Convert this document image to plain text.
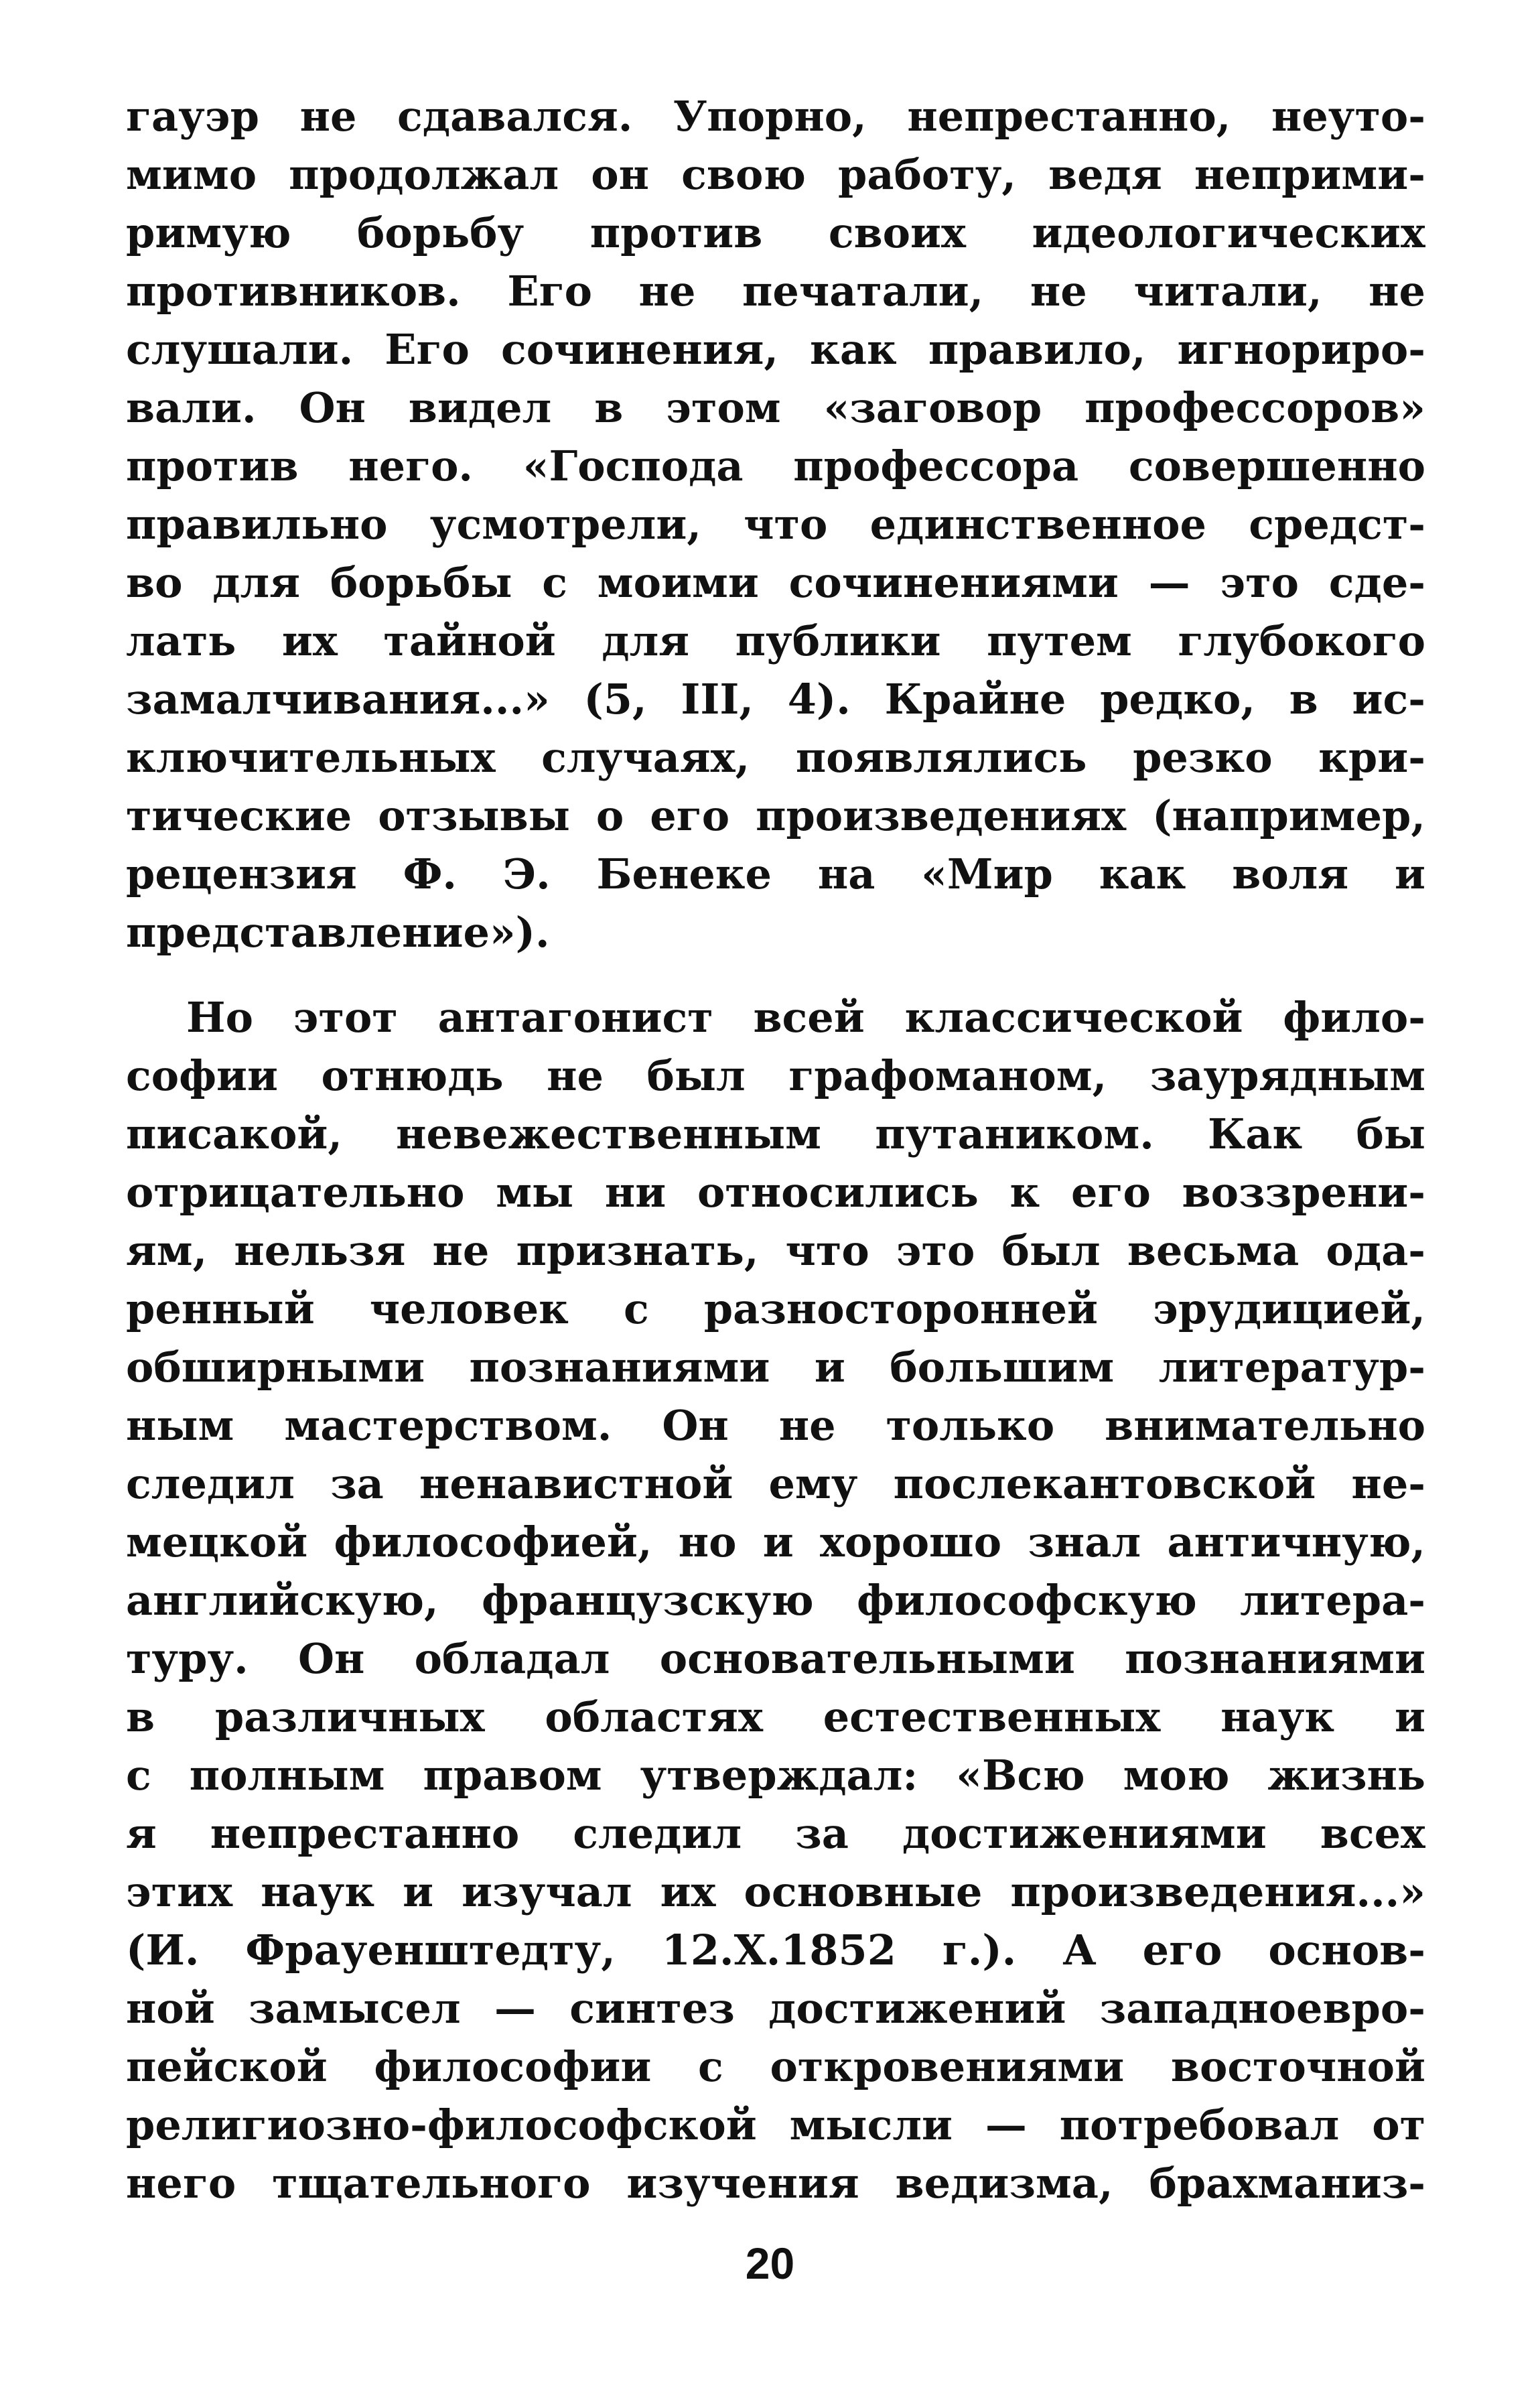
гауэр не сдавался. Упорно, непрестанно, неуто-
мимо продолжал он свою работу, ведя неприми-
римую борьбу против своих идеологических
противников. Его не печатали, не читали, не
слушали. Его сочинения, как правило, игнориро-
вали. Он видел в этом «заговор профессоров»
против него. «Господа профессора совершенно
правильно усмотрели, что единственное средст-
во для борьбы с моими сочинениями — это сде-
лать их тайной для публики путем глубокого
замалчивания...» (5, III, 4). Крайне редко, в ис-
ключительных случаях, появлялись резко кри-
тические отзывы о его произведениях (например,
рецензия Ф. Э. Бенеке на «Мир как воля и
представление»).
Но этот антагонист всей классической фило-
софии отнюдь не был графоманом, заурядным
писакой, невежественным путаником. Как бы
отрицательно мы ни относились к его воззрени-
ям, нельзя не признать, что это был весьма ода-
ренный человек с разносторонней эрудицией,
обширными познаниями и большим литератур-
ным мастерством. Он не только внимательно
следил за ненавистной ему послекантовской не-
мецкой философией, но и хорошо знал античную,
английскую, французскую философскую литера-
туру. Он обладал основательными познаниями
в различных областях естественных наук и
с полным правом утверждал: «Всю мою жизнь
я непрестанно следил за достижениями всех
этих наук и изучал их основные произведения...»
(И. Фрауенштедту, 12.X.1852 г.). А его основ-
ной замысел — синтез достижений западноевро-
пейской философии с откровениями восточной
религиозно-философской мысли — потребовал от
него тщательного изучения ведизма, брахманиз-
20
